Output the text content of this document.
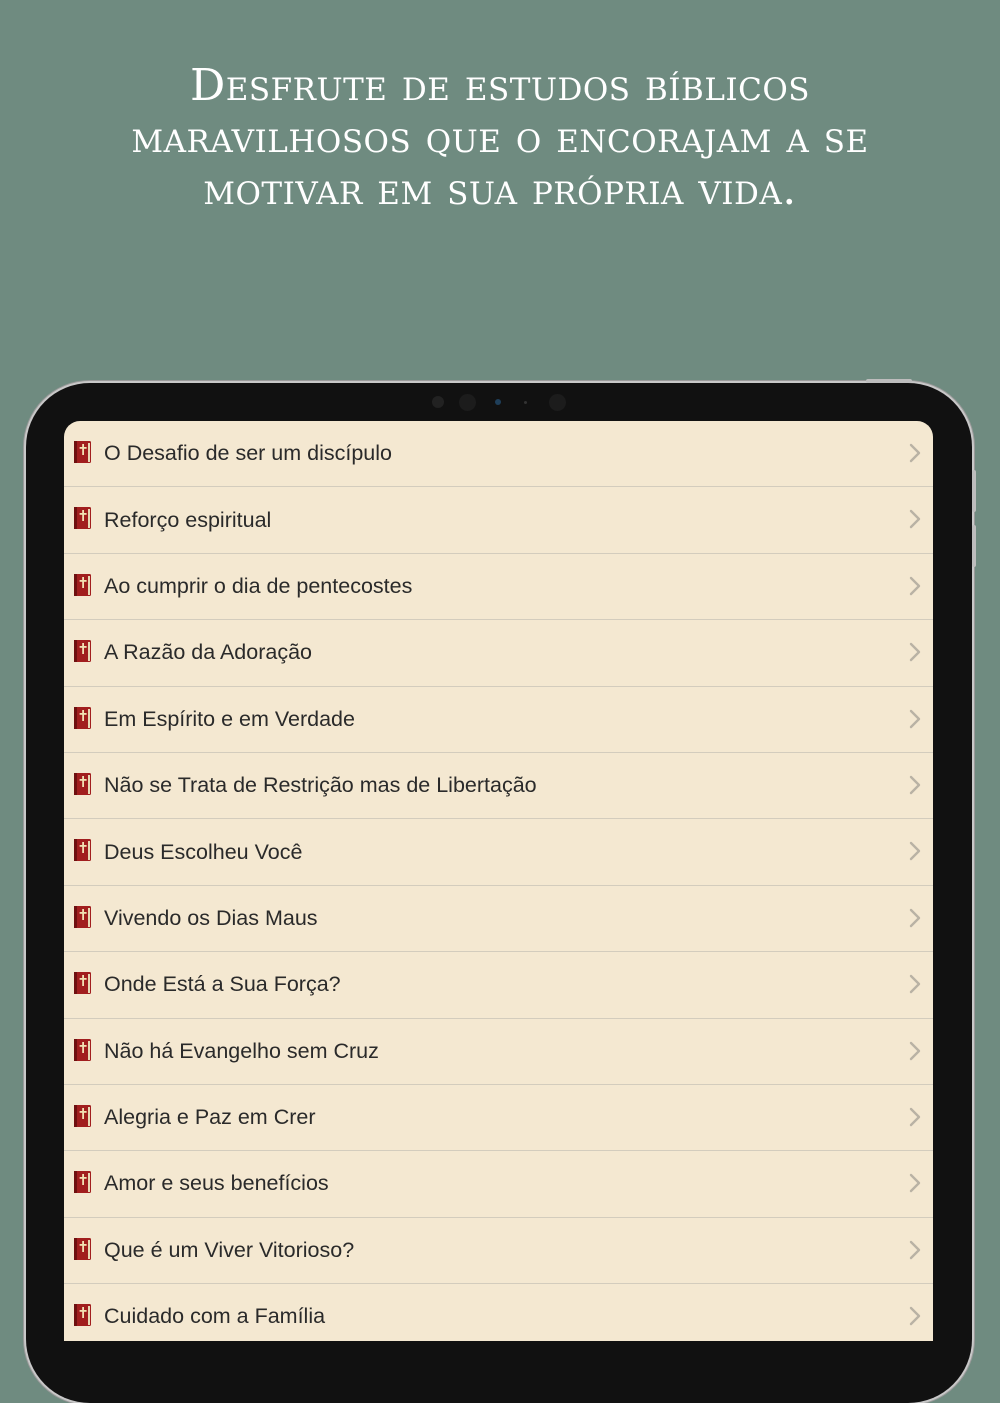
Desfrute de estudos bíblicos maravilhosos que o encorajam a se motivar em sua própria vida.
O Desafio de ser um discípulo
Reforço espiritual
Ao cumprir o dia de pentecostes
A Razão da Adoração
Em Espírito e em Verdade
Não se Trata de Restrição mas de Libertação
Deus Escolheu Você
Vivendo os Dias Maus
Onde Está a Sua Força?
Não há Evangelho sem Cruz
Alegria e Paz em Crer
Amor e seus benefícios
Que é um Viver Vitorioso?
Cuidado com a Família
